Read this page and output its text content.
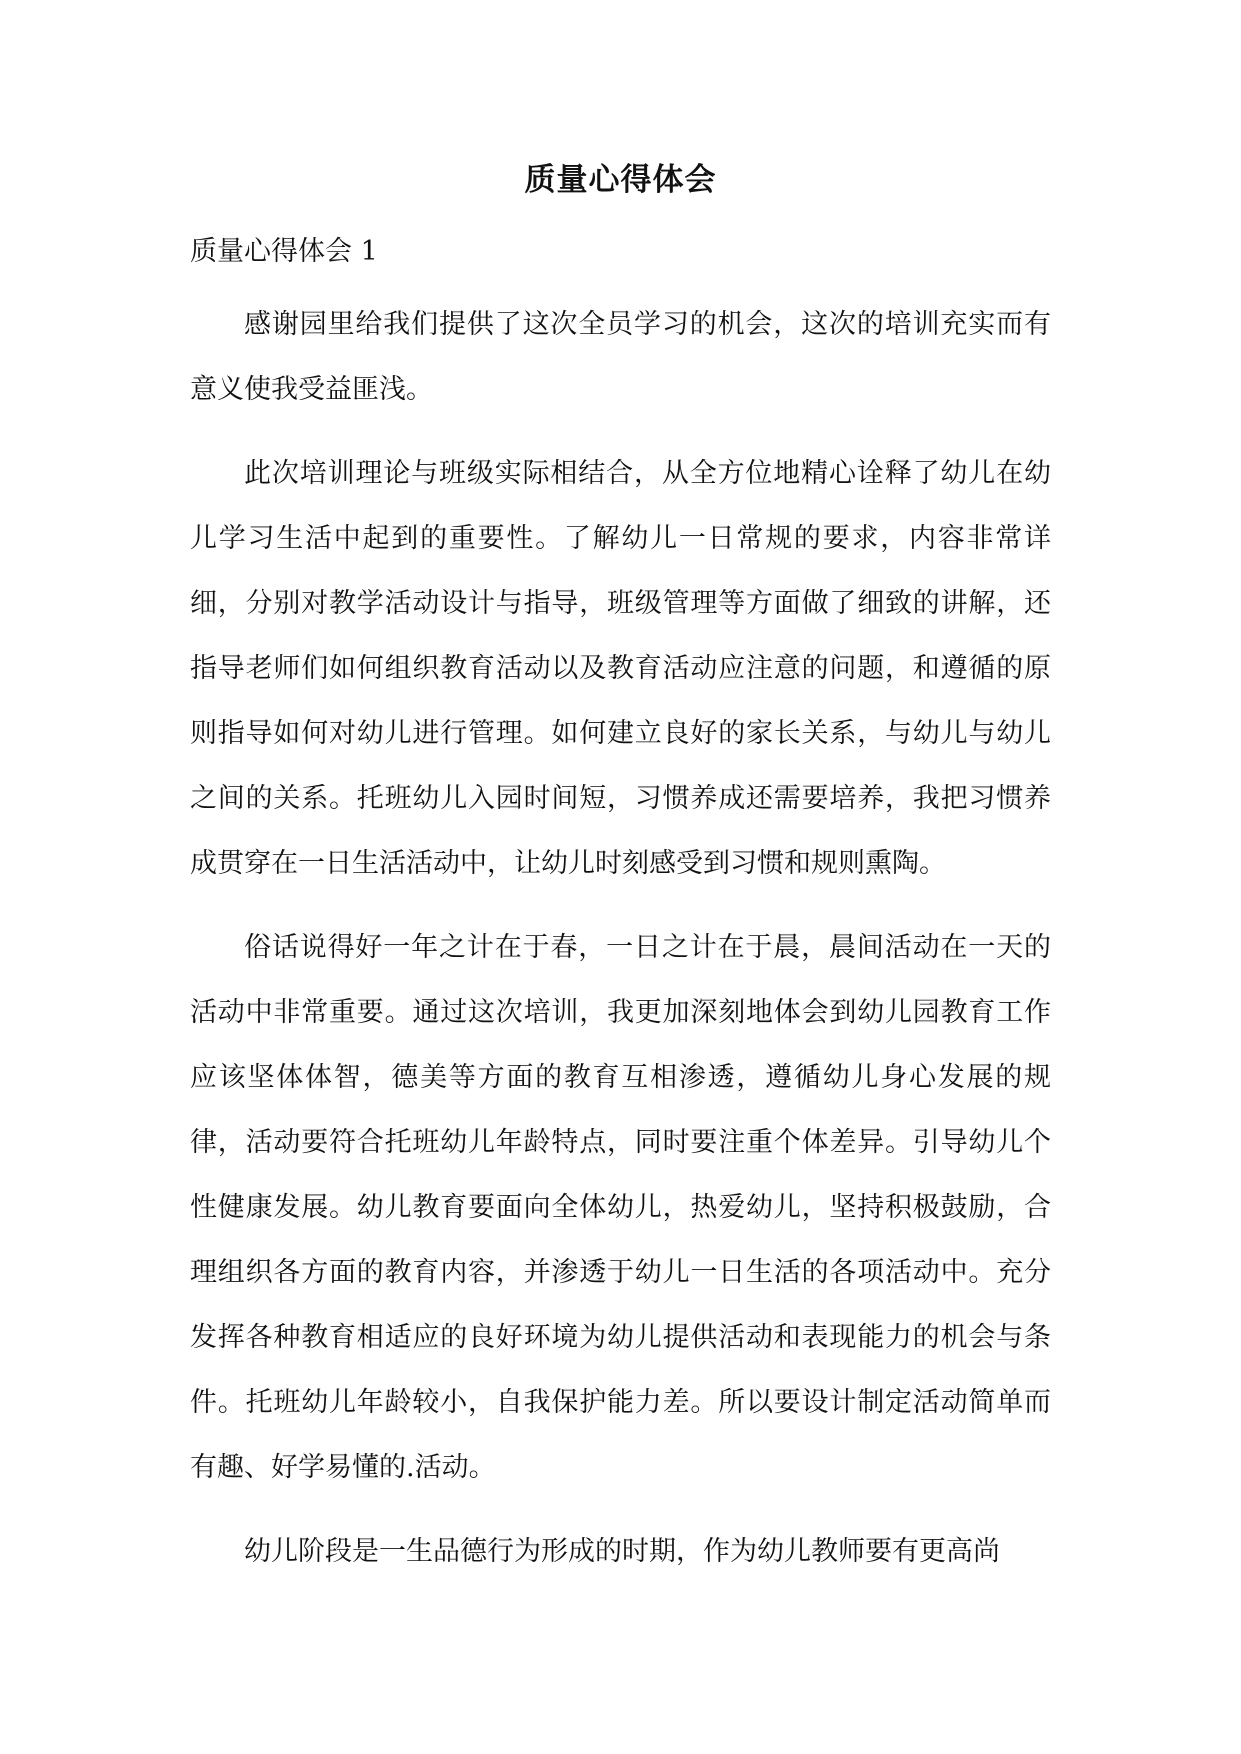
质量心得体会
质量心得体会 1

感谢园里给我们提供了这次全员学习的机会，这次的培训充实而有意义使我受益匪浅。

此次培训理论与班级实际相结合，从全方位地精心诠释了幼儿在幼儿学习生活中起到的重要性。了解幼儿一日常规的要求，内容非常详细，分别对教学活动设计与指导，班级管理等方面做了细致的讲解，还指导老师们如何组织教育活动以及教育活动应注意的问题，和遵循的原则指导如何对幼儿进行管理。如何建立良好的家长关系，与幼儿与幼儿之间的关系。托班幼儿入园时间短，习惯养成还需要培养，我把习惯养成贯穿在一日生活活动中，让幼儿时刻感受到习惯和规则熏陶。

俗话说得好一年之计在于春，一日之计在于晨，晨间活动在一天的活动中非常重要。通过这次培训，我更加深刻地体会到幼儿园教育工作应该坚体体智，德美等方面的教育互相渗透，遵循幼儿身心发展的规律，活动要符合托班幼儿年龄特点，同时要注重个体差异。引导幼儿个性健康发展。幼儿教育要面向全体幼儿，热爱幼儿，坚持积极鼓励，合理组织各方面的教育内容，并渗透于幼儿一日生活的各项活动中。充分发挥各种教育相适应的良好环境为幼儿提供活动和表现能力的机会与条件。托班幼儿年龄较小，自我保护能力差。所以要设计制定活动简单而有趣、好学易懂的.活动。

幼儿阶段是一生品德行为形成的时期，作为幼儿教师要有更高尚
